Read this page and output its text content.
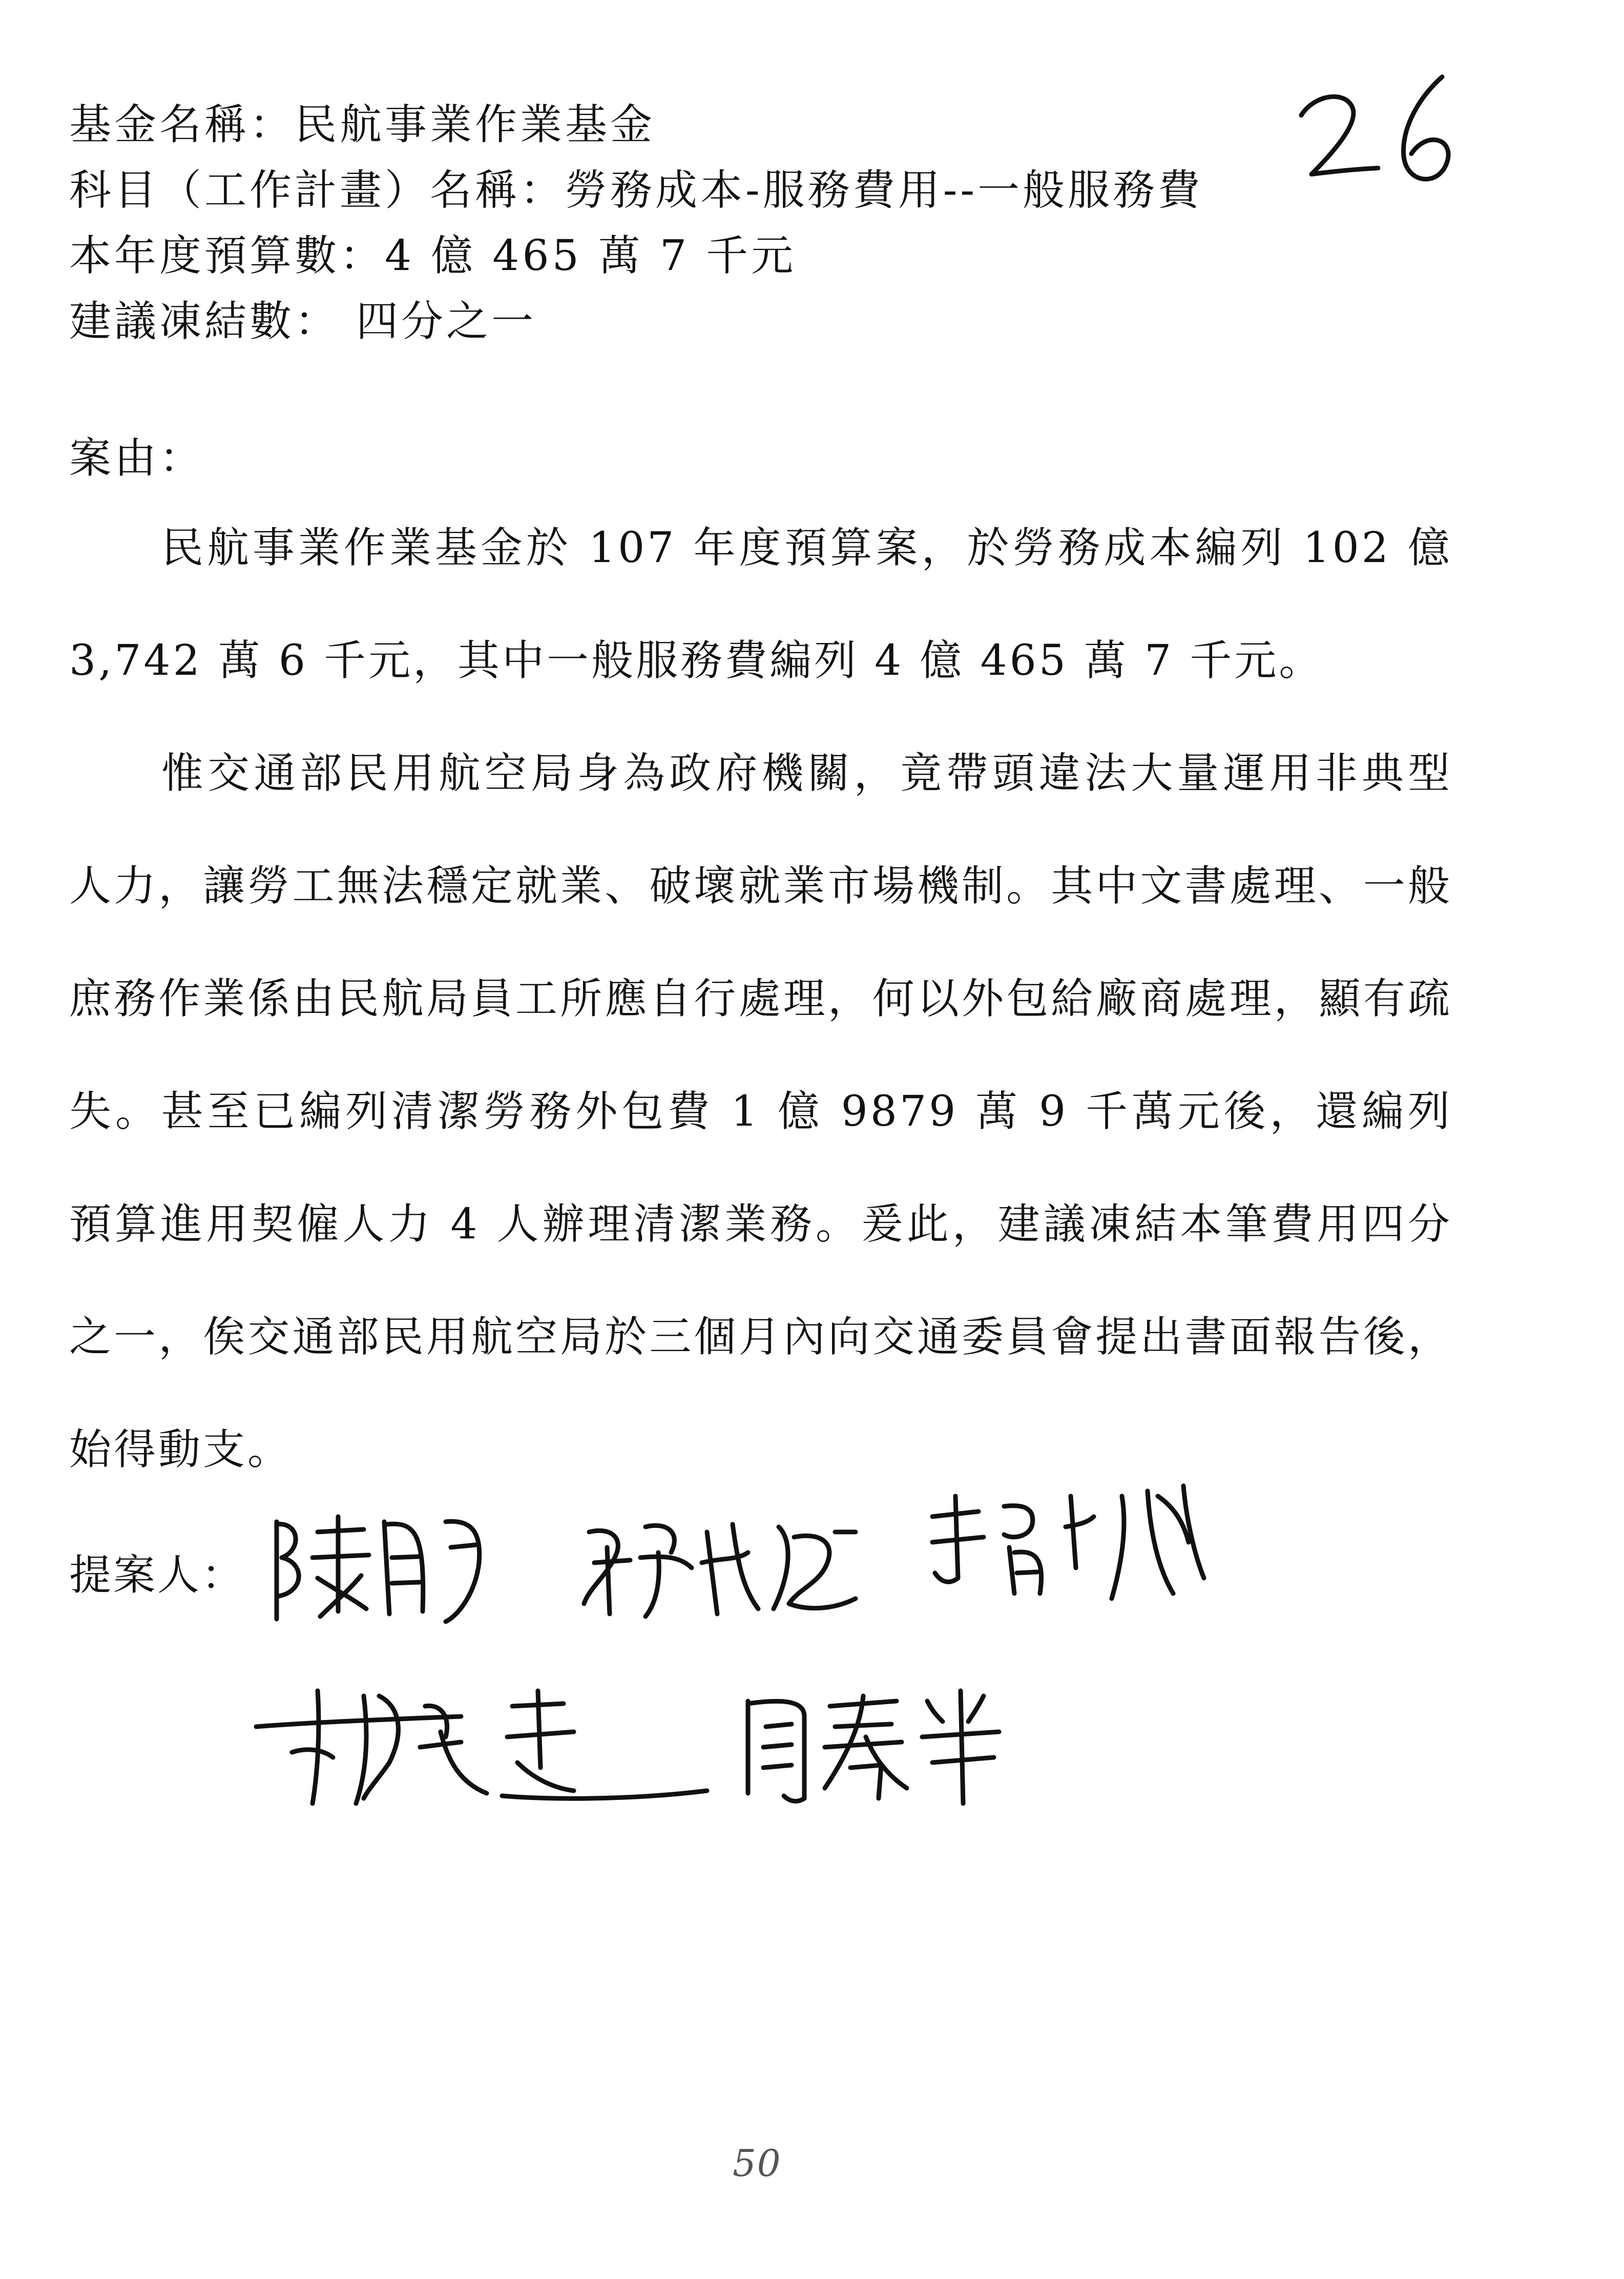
基金名稱：民航事業作業基金
科目（工作計畫）名稱：勞務成本-服務費用--一般服務費
本年度預算數：4 億 465 萬 7 千元
建議凍結數： 四分之一
案由：

民航事業作業基金於 107 年度預算案，於勞務成本編列 102 億 3,742 萬 6 千元，其中一般服務費編列 4 億 465 萬 7 千元。

惟交通部民用航空局身為政府機關，竟帶頭違法大量運用非典型人力，讓勞工無法穩定就業、破壞就業市場機制。其中文書處理、一般庶務作業係由民航局員工所應自行處理，何以外包給廠商處理，顯有疏失。甚至已編列清潔勞務外包費 1 億 9879 萬 9 千萬元後，還編列預算進用契僱人力 4 人辦理清潔業務。爰此，建議凍結本筆費用四分之一，俟交通部民用航空局於三個月內向交通委員會提出書面報告後，始得動支。

提案人：
50
